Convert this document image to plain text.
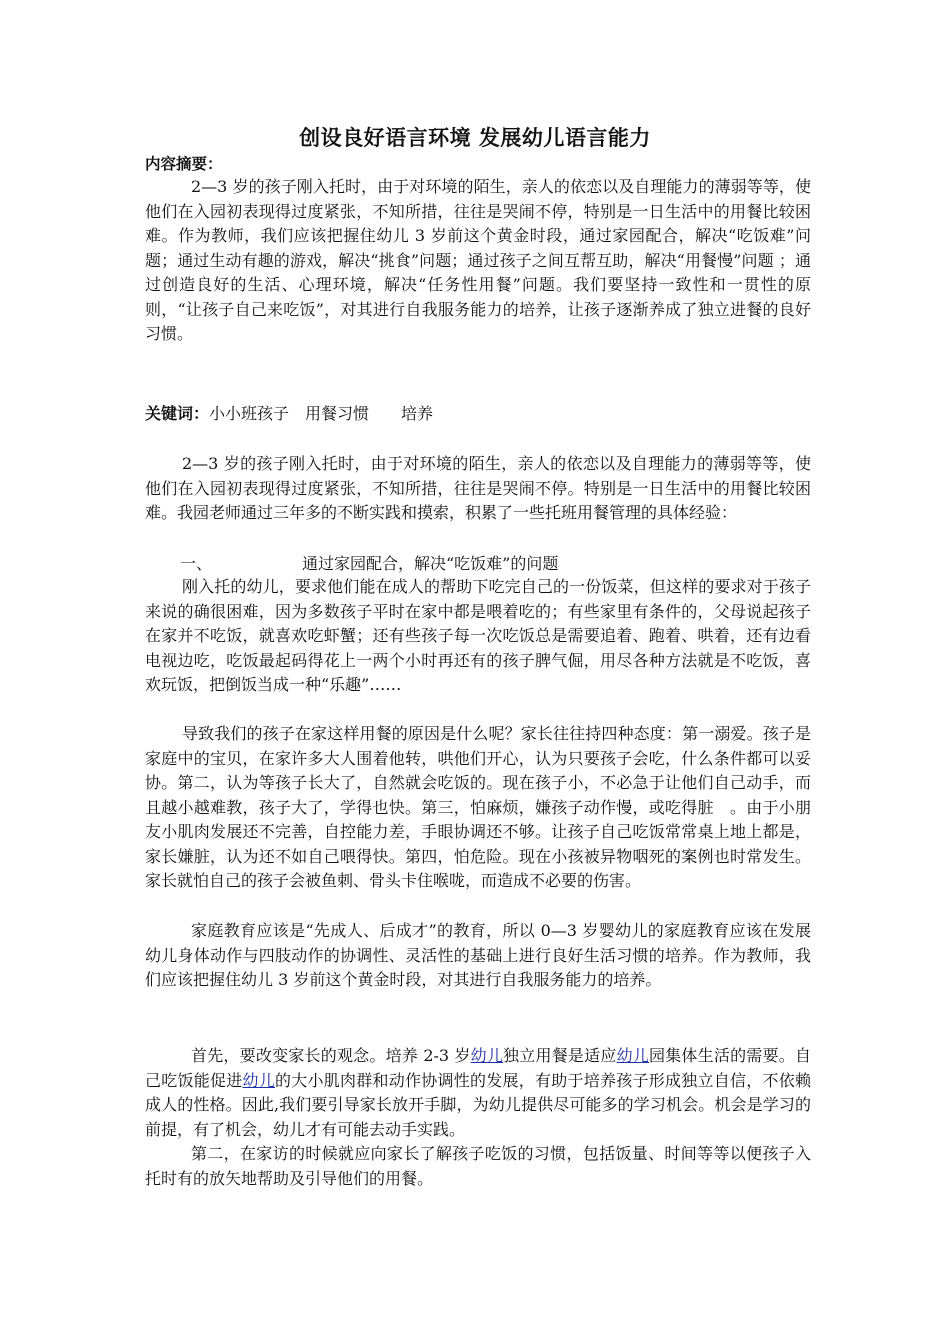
创设良好语言环境 发展幼儿语言能力
内容摘要：

2—3 岁的孩子刚入托时，由于对环境的陌生，亲人的依恋以及自理能力的薄弱等等，使他们在入园初表现得过度紧张，不知所措，往往是哭闹不停，特别是一日生活中的用餐比较困难。作为教师，我们应该把握住幼儿 3 岁前这个黄金时段，通过家园配合，解决“吃饭难”问题；通过生动有趣的游戏，解决“挑食”问题；通过孩子之间互帮互助，解决“用餐慢”问题 ；通过创造良好的生活、心理环境，解决“任务性用餐”问题。我们要坚持一致性和一贯性的原则，“让孩子自己来吃饭”，对其进行自我服务能力的培养，让孩子逐渐养成了独立进餐的良好习惯。

关键词：小小班孩子　用餐习惯　　培养

2—3 岁的孩子刚入托时，由于对环境的陌生，亲人的依恋以及自理能力的薄弱等等，使他们在入园初表现得过度紧张，不知所措，往往是哭闹不停。特别是一日生活中的用餐比较困难。我园老师通过三年多的不断实践和摸索，积累了一些托班用餐管理的具体经验：

一、	通过家园配合，解决“吃饭难”的问题

刚入托的幼儿，要求他们能在成人的帮助下吃完自己的一份饭菜，但这样的要求对于孩子来说的确很困难，因为多数孩子平时在家中都是喂着吃的；有些家里有条件的，父母说起孩子在家并不吃饭，就喜欢吃虾蟹；还有些孩子每一次吃饭总是需要追着、跑着、哄着，还有边看电视边吃，吃饭最起码得花上一两个小时再还有的孩子脾气倔，用尽各种方法就是不吃饭，喜欢玩饭，把倒饭当成一种“乐趣”……

导致我们的孩子在家这样用餐的原因是什么呢？家长往往持四种态度：第一溺爱。孩子是家庭中的宝贝，在家许多大人围着他转，哄他们开心，认为只要孩子会吃，什么条件都可以妥协。第二，认为等孩子长大了，自然就会吃饭的。现在孩子小，不必急于让他们自己动手，而且越小越难教，孩子大了，学得也快。第三，怕麻烦，嫌孩子动作慢，或吃得脏　。由于小朋友小肌肉发展还不完善，自控能力差，手眼协调还不够。让孩子自己吃饭常常桌上地上都是，家长嫌脏，认为还不如自己喂得快。第四，怕危险。现在小孩被异物咽死的案例也时常发生。家长就怕自己的孩子会被鱼刺、骨头卡住喉咙，而造成不必要的伤害。

家庭教育应该是“先成人、后成才”的教育，所以 0—3 岁婴幼儿的家庭教育应该在发展幼儿身体动作与四肢动作的协调性、灵活性的基础上进行良好生活习惯的培养。作为教师，我们应该把握住幼儿 3 岁前这个黄金时段，对其进行自我服务能力的培养。

首先，要改变家长的观念。培养 2-3 岁幼儿独立用餐是适应幼儿园集体生活的需要。自己吃饭能促进幼儿的大小肌肉群和动作协调性的发展，有助于培养孩子形成独立自信，不依赖成人的性格。因此,我们要引导家长放开手脚，为幼儿提供尽可能多的学习机会。机会是学习的前提，有了机会，幼儿才有可能去动手实践。

第二，在家访的时候就应向家长了解孩子吃饭的习惯，包括饭量、时间等等以便孩子入托时有的放矢地帮助及引导他们的用餐。
